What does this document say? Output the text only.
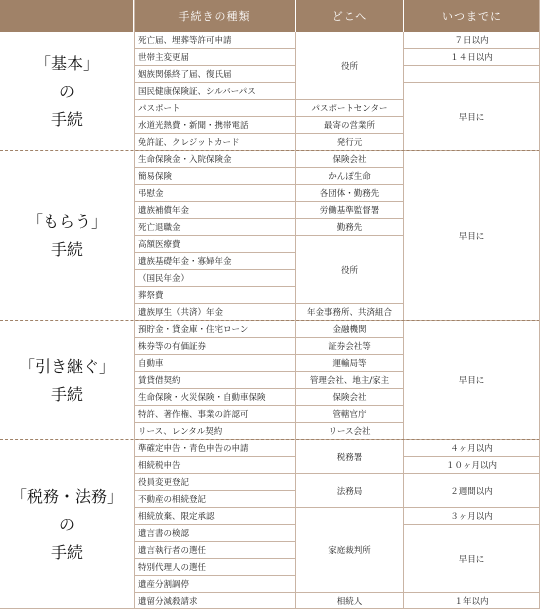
手続きの種類	どこへ	いつまでに
「基本」
の
手続
死亡届、埋葬等許可申請
世帯主変更届
姻族関係終了届、復氏届
国民健康保険証、シルバーパス
パスポート
水道光熱費・新聞・携帯電話
免許証、クレジットカード
役所
パスポートセンター
最寄の営業所
発行元
７日以内
１４日以内
早目に
「もらう」
手続
生命保険金・入院保険金
簡易保険
弔慰金
遺族補償年金
死亡退職金
高額医療費
遺族基礎年金・寡婦年金
（国民年金）
葬祭費
遺族厚生（共済）年金
保険会社
かんぽ生命
各団体・勤務先
労働基準監督署
勤務先
役所
年金事務所、共済組合
早目に
「引き継ぐ」
手続
預貯金・貸金庫・住宅ローン
株券等の有価証券
自動車
賃貸借契約
生命保険・火災保険・自動車保険
特許、著作権、事業の許認可
リース、レンタル契約
金融機関
証券会社等
運輸局等
管理会社、地主/家主
保険会社
管轄官庁
リース会社
早目に
「税務・法務」
の
手続
準確定申告・青色申告の申請
相続税申告
役員変更登記
不動産の相続登記
相続放棄、限定承認
遺言書の検認
遺言執行者の選任
特別代理人の選任
遺産分割調停
遺留分減殺請求
税務署
法務局
家庭裁判所
相続人
４ヶ月以内
１０ヶ月以内
２週間以内
３ヶ月以内
早目に
１年以内
